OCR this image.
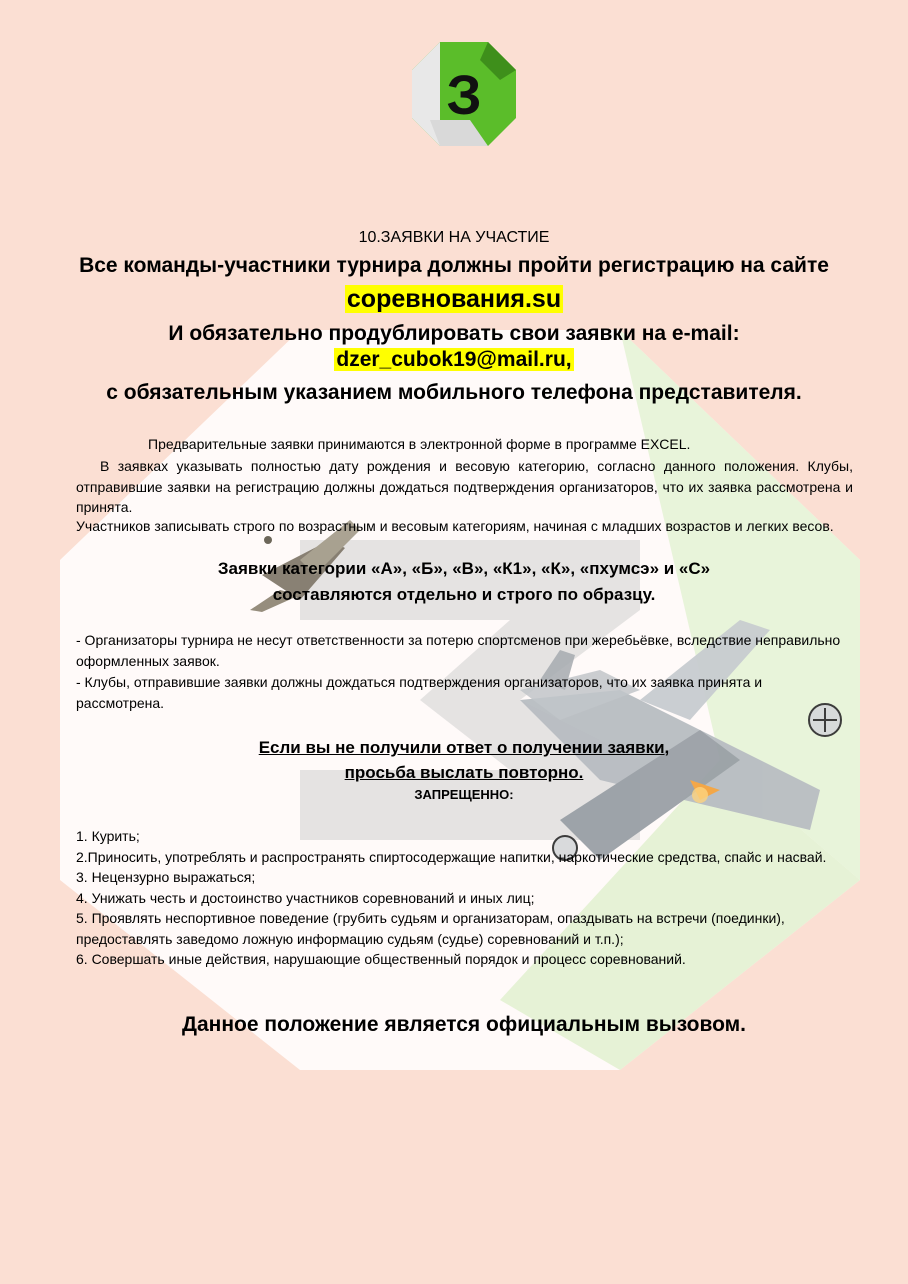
З
10.ЗАЯВКИ НА УЧАСТИЕ
Все команды-участники турнира должны пройти регистрацию на сайте
соревнования.su
И обязательно продублировать свои заявки на e-mail:
dzer_cubok19@mail.ru,
с обязательным указанием мобильного телефона представителя.
Предварительные заявки принимаются в электронной форме в программе EXCEL.
В заявках указывать полностью дату рождения и весовую категорию, согласно данного положения. Клубы, отправившие заявки на регистрацию должны дождаться подтверждения организаторов, что их заявка рассмотрена и принята.
Участников записывать строго по возрастным и весовым категориям, начиная с младших возрастов и легких весов.
Заявки категории «А», «Б», «В», «К1», «К», «пхумсэ» и «С»
составляются отдельно и строго по образцу.
- Организаторы турнира не несут ответственности за потерю спортсменов при жеребьёвке, вследствие неправильно оформленных заявок.
- Клубы, отправившие заявки должны дождаться подтверждения организаторов, что их заявка принята и рассмотрена.
Если вы не получили ответ о получении заявки,
просьба выслать повторно.
ЗАПРЕЩЕННО:
1. Курить;
2.Приносить, употреблять и распространять спиртосодержащие напитки, наркотические средства, спайс и насвай.
3. Нецензурно выражаться;
4. Унижать честь и достоинство участников соревнований и иных лиц;
5. Проявлять неспортивное поведение (грубить судьям и организаторам, опаздывать на встречи (поединки), предоставлять заведомо ложную информацию судьям (судье) соревнований и т.п.);
6. Совершать иные действия, нарушающие общественный порядок и процесс соревнований.
Данное положение является официальным вызовом.
